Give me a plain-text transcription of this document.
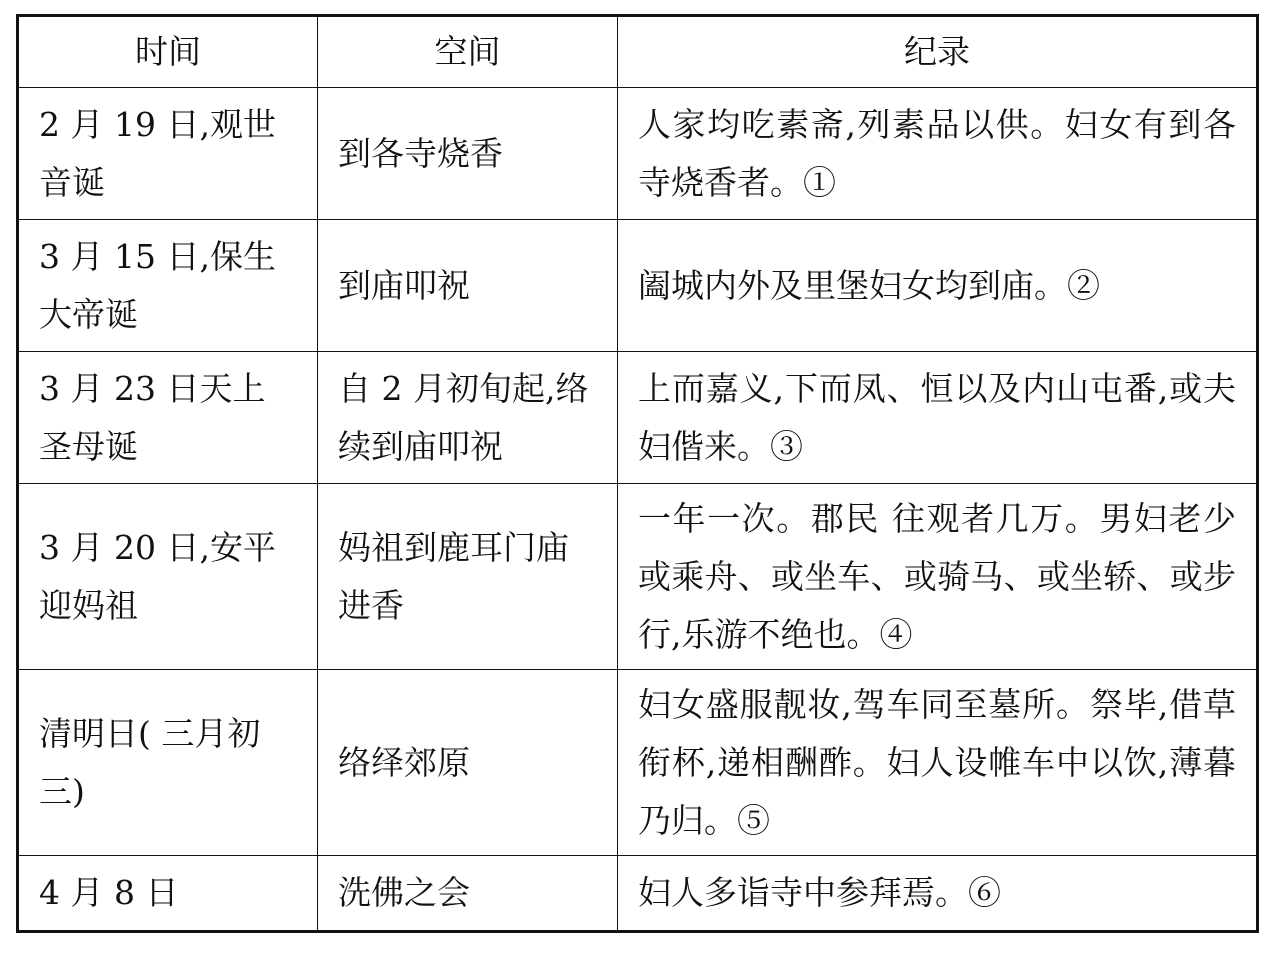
时间	空间	纪录
2 月 19 日,观世音诞	到各寺烧香	人家均吃素斋,列素品以供。妇女有到各寺烧香者。①
3 月 15 日,保生大帝诞	到庙叩祝	阖城内外及里堡妇女均到庙。②
3 月 23 日天上圣母诞	自 2 月初旬起,络续到庙叩祝	上而嘉义,下而凤、恒以及内山屯番,或夫妇偕来。③
3 月 20 日,安平迎妈祖	妈祖到鹿耳门庙进香	一年一次。郡民 往观者几万。男妇老少或乘舟、或坐车、或骑马、或坐轿、或步行,乐游不绝也。④
清明日( 三月初三)	络绎郊原	妇女盛服靓妆,驾车同至墓所。祭毕,借草衔杯,递相酬酢。妇人设帷车中以饮,薄暮 乃归。⑤
4 月 8 日	洗佛之会	妇人多诣寺中参拜焉。⑥
